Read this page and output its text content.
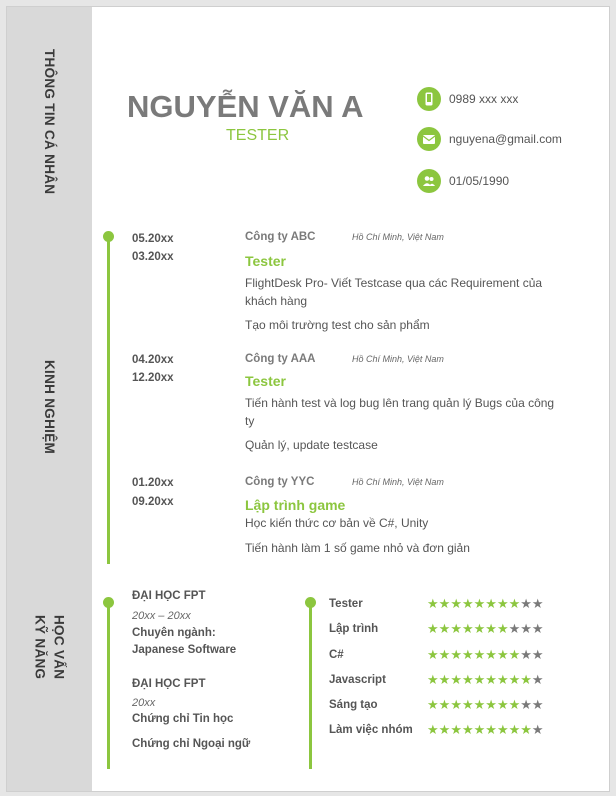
THÔNG TIN CÁ NHÂN
KINH NGHIỆM
HỌC VẤN
KỸ NĂNG
NGUYỄN VĂN A
TESTER
0989 xxx xxx
nguyena@gmail.com
01/05/1990
05.20xx
03.20xx
Công ty ABC	Hồ Chí Minh, Việt Nam
Tester
FlightDesk Pro- Viết Testcase qua các Requirement của khách hàng
Tạo môi trường test cho sản phẩm
04.20xx
12.20xx
Công ty AAA	Hồ Chí Minh, Việt Nam
Tester
Tiến hành test và log bug lên trang quản lý Bugs của công ty
Quản lý, update testcase
01.20xx
09.20xx
Công ty YYC	Hồ Chí Minh, Việt Nam
Lập trình game
Học kiến thức cơ bản về C#, Unity
Tiến hành làm 1 số game nhỏ và đơn giản
ĐẠI HỌC FPT
20xx – 20xx
Chuyên ngành:
Japanese Software
ĐẠI HỌC FPT
20xx
Chứng chỉ Tin học
Chứng chỉ Ngoại ngữ
Tester	★★★★★★★★★★
Lập trình	★★★★★★★★★★
C#	★★★★★★★★★★
Javascript	★★★★★★★★★★
Sáng tạo	★★★★★★★★★★
Làm việc nhóm ★★★★★★★★★★
